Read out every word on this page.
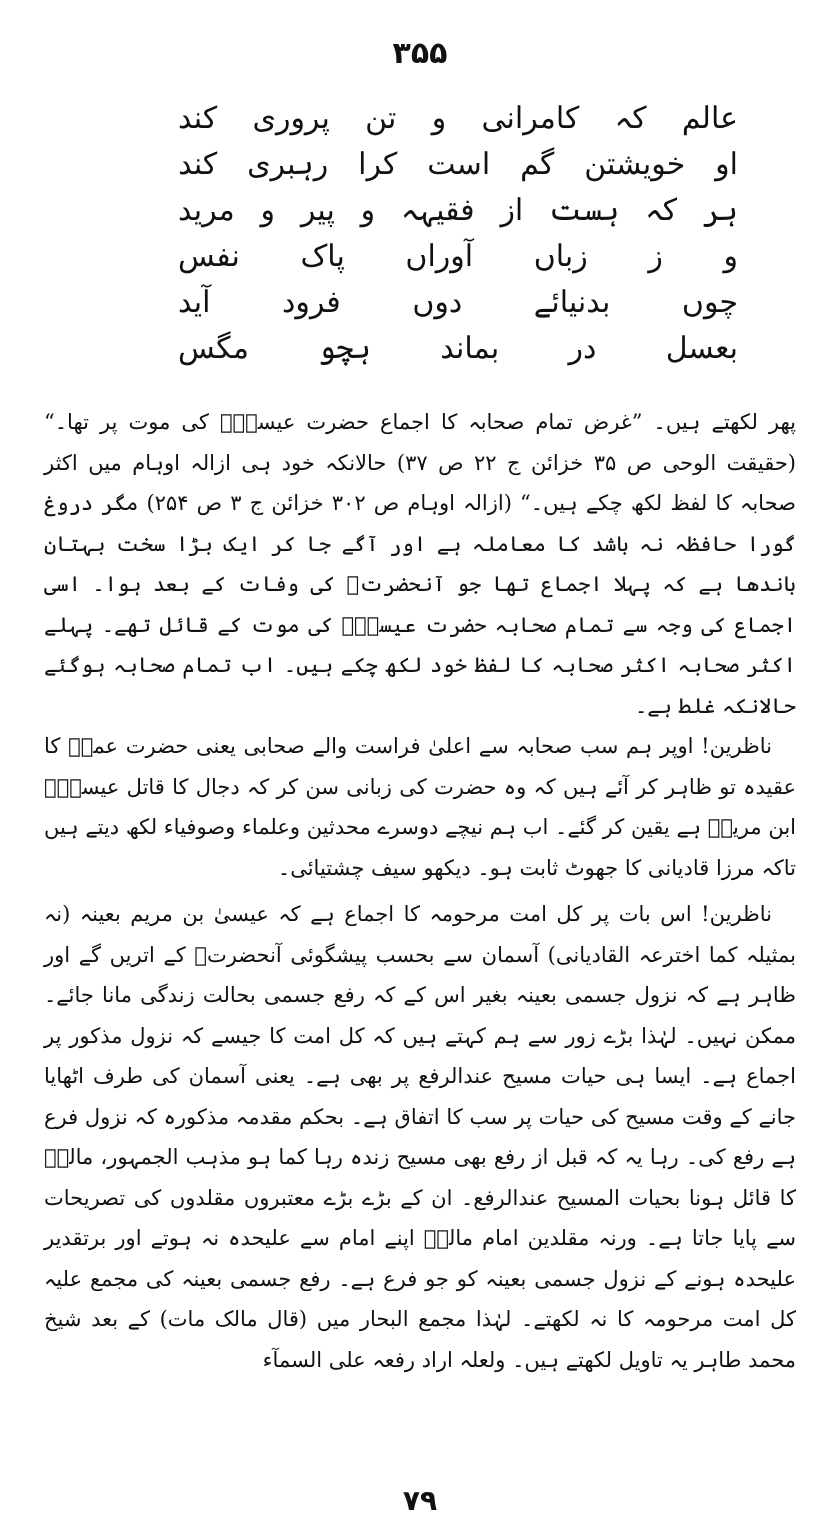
۳۵۵
عالم
کہ
کامرانی
و
تن
پروری
کند
او
خویشتن
گم
است
کرا
رہبری
کند
ہر
کہ
ہست
از
فقیہہ
و
پیر
و
مرید
و
ز
زباں
آوراں
پاک
نفس
چوں
بدنیائے
دوں
فرود
آید
بعسل
در
بماند
ہچو
مگس

پھر لکھتے ہیں۔ ”غرض تمام صحابہ کا اجماع حضرت عیسیٰؑ کی موت پر تھا۔“ (حقیقت الوحی ص ۳۵ خزائن ج ۲۲ ص ۳۷) حالانکہ خود ہی ازالہ اوہام میں اکثر صحابہ کا لفظ لکھ چکے ہیں۔“ (ازالہ اوہام ص ۳۰۲ خزائن ج ۳ ص ۲۵۴) مگر دروغ گورا حافظہ نہ باشد کا معاملہ ہے اور آگے جا کر ایک بڑا سخت بہتان باندھا ہے کہ پہلا اجماع تھا جو آنحضرتﷺ کی وفات کے بعد ہوا۔ اسی اجماع کی وجہ سے تمام صحابہ حضرت عیسیٰؑ کی موت کے قائل تھے۔ پہلے اکثر صحابہ اکثر صحابہ کا لفظ خود لکھ چکے ہیں۔ اب تمام صحابہ ہوگئے حالانکہ غلط ہے۔

ناظرین! اوپر ہم سب صحابہ سے اعلیٰ فراست والے صحابی یعنی حضرت عمرؓ کا عقیدہ تو ظاہر کر آئے ہیں کہ وہ حضرت کی زبانی سن کر کہ دجال کا قاتل عیسیٰؑ ابن مریمؑ ہے یقین کر گئے۔ اب ہم نیچے دوسرے محدثین وعلماء وصوفیاء لکھ دیتے ہیں تاکہ مرزا قادیانی کا جھوٹ ثابت ہو۔ دیکھو سیف چشتیائی۔

ناظرین! اس بات پر کل امت مرحومہ کا اجماع ہے کہ عیسیٰ بن مریم بعینہ (نہ بمثیلہ کما اخترعہ القادیانی) آسمان سے بحسب پیشگوئی آنحضرتﷺ کے اتریں گے اور ظاہر ہے کہ نزول جسمی بعینہ بغیر اس کے کہ رفع جسمی بحالت زندگی مانا جائے۔ ممکن نہیں۔ لہٰذا بڑے زور سے ہم کہتے ہیں کہ کل امت کا جیسے کہ نزول مذکور پر اجماع ہے۔ ایسا ہی حیات مسیح عندالرفع پر بھی ہے۔ یعنی آسمان کی طرف اٹھایا جانے کے وقت مسیح کی حیات پر سب کا اتفاق ہے۔ بحکم مقدمہ مذکورہ کہ نزول فرع ہے رفع کی۔ رہا یہ کہ قبل از رفع بھی مسیح زندہ رہا کما ہو مذہب الجمہور، مالکؒ کا قائل ہونا بحیات المسیح عندالرفع۔ ان کے بڑے بڑے معتبروں مقلدوں کی تصریحات سے پایا جاتا ہے۔ ورنہ مقلدین امام مالکؒ اپنے امام سے علیحدہ نہ ہوتے اور برتقدیر علیحدہ ہونے کے نزول جسمی بعینہ کو جو فرع ہے۔ رفع جسمی بعینہ کی مجمع علیہ کل امت مرحومہ کا نہ لکھتے۔ لہٰذا مجمع البحار میں (قال مالک مات) کے بعد شیخ محمد طاہر یہ تاویل لکھتے ہیں۔ ولعلہ اراد رفعہ علی السمآء

۷۹
